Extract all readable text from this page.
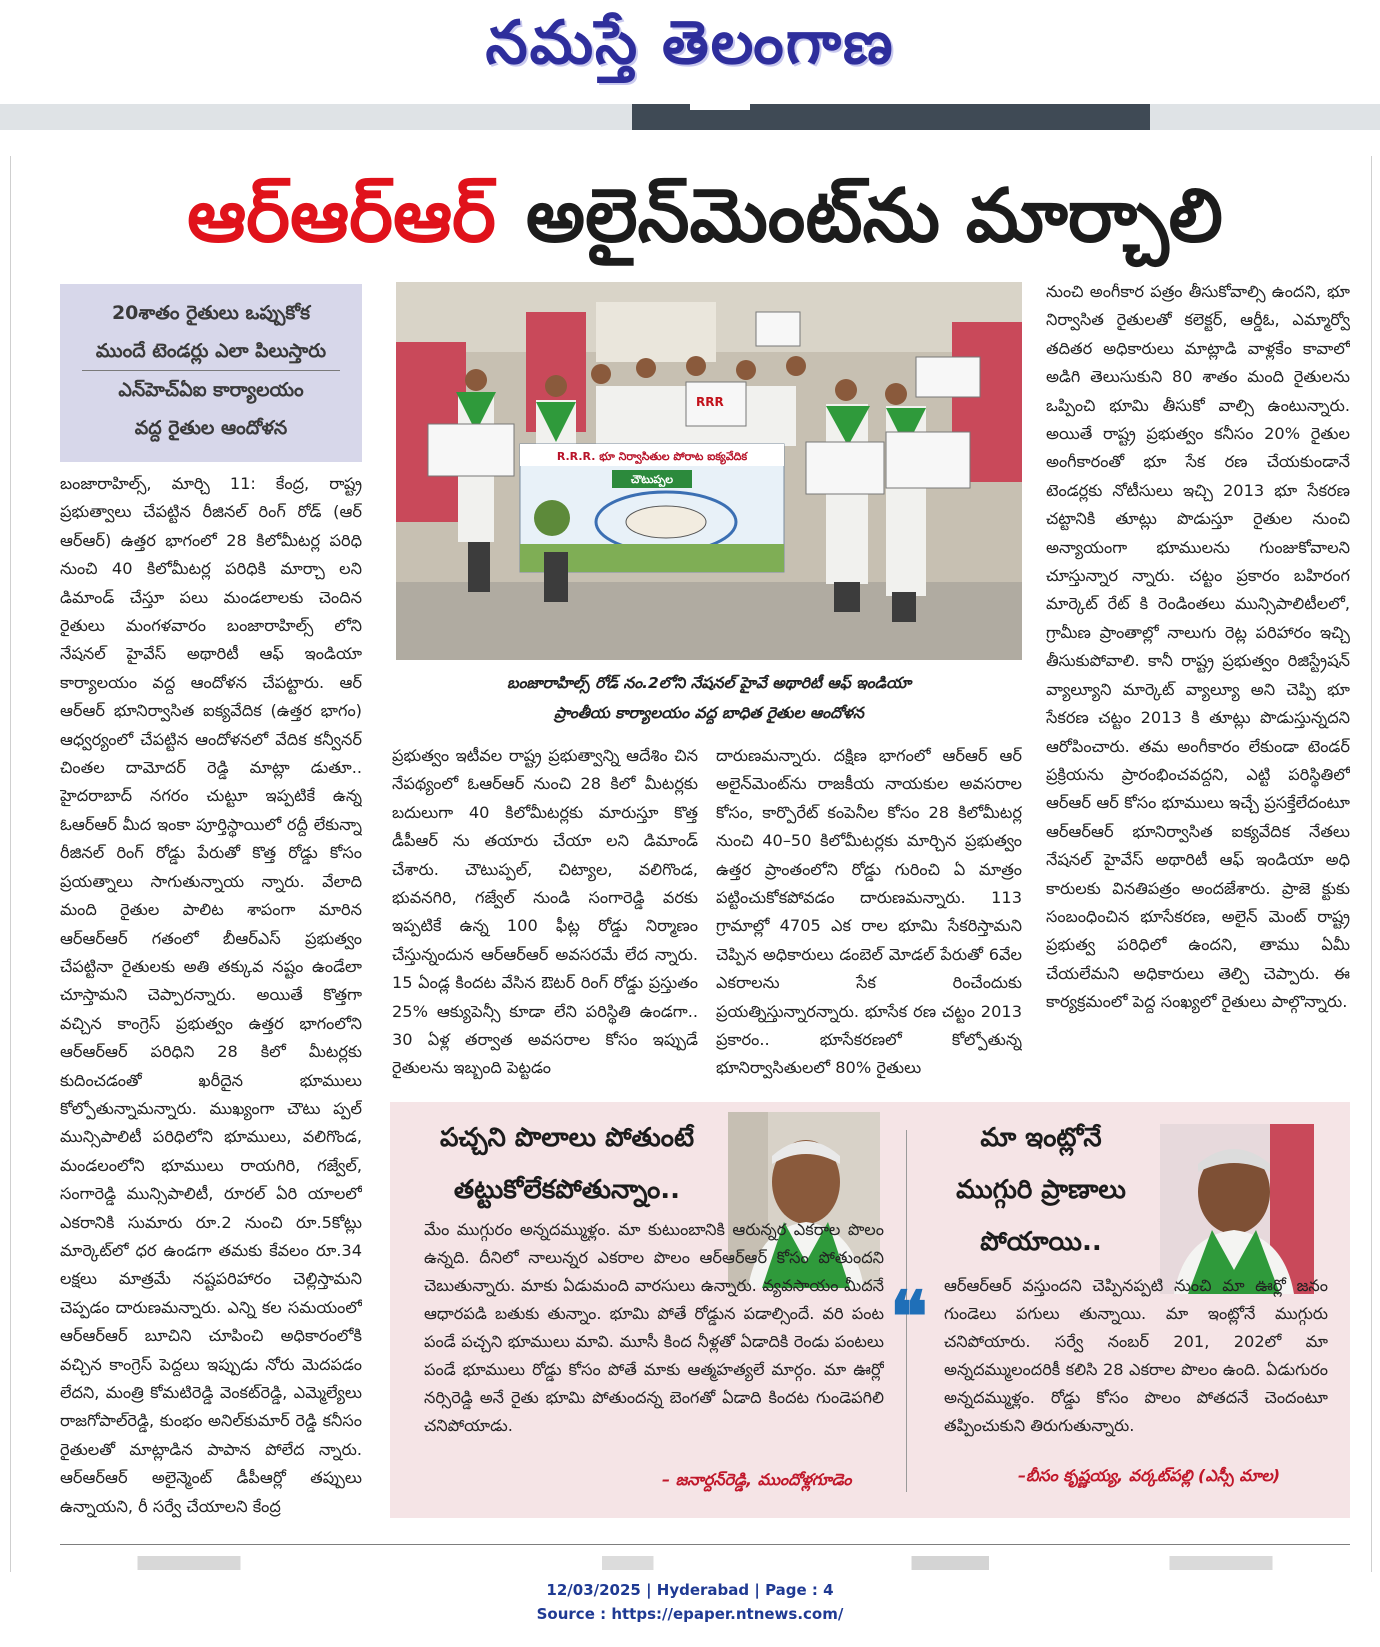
నమస్తే తెలంగాణ
ఆర్‌ఆర్‌ఆర్ అలైన్‌మెంట్‌ను మార్చాలి

20శాతం రైతులు ఒప్పుకోక

ముందే టెండర్లు ఎలా పిలుస్తారు

ఎన్‌హెచ్‌ఏఐ కార్యాలయం

వద్ద రైతుల ఆందోళన

బంజారాహిల్స్‌, మార్చి 11: కేంద్ర, రాష్ట్ర ప్రభుత్వాలు చేపట్టిన రీజినల్‌ రింగ్‌ రోడ్‌ (ఆర్‌ ఆర్‌ఆర్‌) ఉత్తర భాగంలో 28 కిలోమీటర్ల పరిధి నుంచి 40 కిలోమీటర్ల పరిధికి మార్చా లని డిమాండ్‌ చేస్తూ పలు మండలాలకు చెందిన రైతులు మంగళవారం బంజారాహిల్స్‌ లోని నేషనల్‌ హైవేస్‌ అథారిటీ ఆఫ్‌ ఇండియా కార్యాలయం వద్ద ఆందోళన చేపట్టారు. ఆర్‌ ఆర్‌ఆర్‌ భూనిర్వాసిత ఐక్యవేదిక (ఉత్తర భాగం) ఆధ్వర్యంలో చేపట్టిన ఆందోళనలో వేదిక కన్వీనర్‌ చింతల దామోదర్‌ రెడ్డి మాట్లా డుతూ.. హైదరాబాద్‌ నగరం చుట్టూ ఇప్పటికే ఉన్న ఓఆర్‌ఆర్‌ మీద ఇంకా పూర్తిస్థాయిలో రద్దీ లేకున్నా రీజినల్‌ రింగ్‌ రోడ్డు పేరుతో కొత్త రోడ్డు కోసం ప్రయత్నాలు సాగుతున్నాయ న్నారు. వేలాది మంది రైతుల పాలిట శాపంగా మారిన ఆర్‌ఆర్‌ఆర్‌ గతంలో బీఆర్‌ఎస్‌ ప్రభుత్వం చేపట్టినా రైతులకు అతి తక్కువ నష్టం ఉండేలా చూస్తామని చెప్పారన్నారు. అయితే కొత్తగా వచ్చిన కాంగ్రెస్‌ ప్రభుత్వం ఉత్తర భాగంలోని ఆర్‌ఆర్‌ఆర్‌ పరిధిని 28 కిలో మీటర్లకు కుదించడంతో ఖరీదైన భూములు కోల్పోతున్నామన్నారు. ముఖ్యంగా చౌటు ప్పల్‌ మున్సిపాలిటీ పరిధిలోని భూములు, వలిగొండ, మండలంలోని భూములు రాయగిరి, గజ్వేల్‌, సంగారెడ్డి మున్సిపాలిటీ, రూరల్‌ ఏరి యాలలో ఎకరానికి సుమారు రూ.2 నుంచి రూ.5కోట్లు మార్కెట్‌లో ధర ఉండగా తమకు కేవలం రూ.34 లక్షలు మాత్రమే నష్టపరిహారం చెల్లిస్తామని చెప్పడం దారుణమన్నారు. ఎన్ని కల సమయంలో ఆర్‌ఆర్‌ఆర్‌ బూచిని చూపించి అధికారంలోకి వచ్చిన కాంగ్రెస్‌ పెద్దలు ఇప్పుడు నోరు మెదపడం లేదని, మంత్రి కోమటిరెడ్డి వెంకట్‌రెడ్డి, ఎమ్మెల్యేలు రాజగోపాల్‌రెడ్డి, కుంభం అనిల్‌కుమార్‌ రెడ్డి కనీసం రైతులతో మాట్లాడిన పాపాన పోలేద న్నారు. ఆర్‌ఆర్‌ఆర్‌ అలైన్మెంట్‌ డీపీఆర్లో తప్పులు ఉన్నాయని, రీ సర్వే చేయాలని కేంద్ర
ప్రభుత్వం ఇటీవల రాష్ట్ర ప్రభుత్వాన్ని ఆదేశిం చిన నేపథ్యంలో ఓఆర్‌ఆర్‌ నుంచి 28 కిలో మీటర్లకు బదులుగా 40 కిలోమీటర్లకు మారుస్తూ కొత్త డీపీఆర్‌ ను తయారు చేయా లని డిమాండ్‌ చేశారు. చౌటుప్పల్‌, చిట్యాల, వలిగొండ, భువనగిరి, గజ్వేల్‌ నుండి సంగారెడ్డి వరకు ఇప్పటికే ఉన్న 100 ఫీట్ల రోడ్డు నిర్మాణం చేస్తున్నందున ఆర్‌ఆర్‌ఆర్‌ అవసరమే లేద న్నారు. 15 ఏండ్ల కిందట వేసిన ఔటర్‌ రింగ్‌ రోడ్డు ప్రస్తుతం 25% ఆక్యుపెన్సీ కూడా లేని పరిస్థితి ఉండగా.. 30 ఏళ్ల తర్వాత అవసరాల కోసం ఇప్పుడే రైతులను ఇబ్బంది పెట్టడం
దారుణమన్నారు. దక్షిణ భాగంలో ఆర్‌ఆర్‌ ఆర్‌ అలైన్‌మెంట్‌ను రాజకీయ నాయకుల అవసరాల కోసం, కార్పొరేట్‌ కంపెనీల కోసం 28 కిలోమీటర్ల నుంచి 40–50 కిలోమీటర్లకు మార్చిన ప్రభుత్వం ఉత్తర ప్రాంతంలోని రోడ్డు గురించి ఏ మాత్రం పట్టించుకోకపోవడం దారుణమన్నారు. 113 గ్రామాల్లో 4705 ఎక రాల భూమి సేకరిస్తామని చెప్పిన అధికారులు డంబెల్‌ మోడల్‌ పేరుతో 6వేల ఎకరాలను సేక రించేందుకు ప్రయత్నిస్తున్నారన్నారు. భూసేక రణ చట్టం 2013 ప్రకారం.. భూసేకరణలో కోల్పోతున్న భూనిర్వాసితులలో 80% రైతులు
నుంచి అంగీకార పత్రం తీసుకోవాల్సి ఉందని, భూ నిర్వాసిత రైతులతో కలెక్టర్‌, ఆర్డీఓ, ఎమ్మార్వో తదితర అధికారులు మాట్లాడి వాళ్లకేం కావాలో అడిగి తెలుసుకుని 80 శాతం మంది రైతులను ఒప్పించి భూమి తీసుకో వాల్సి ఉంటున్నారు. అయితే రాష్ట్ర ప్రభుత్వం కనీసం 20% రైతుల అంగీకారంతో భూ సేక రణ చేయకుండానే టెండర్లకు నోటీసులు ఇచ్చి 2013 భూ సేకరణ చట్టానికి తూట్లు పొడుస్తూ రైతుల నుంచి అన్యాయంగా భూములను గుంజుకోవాలని చూస్తున్నార న్నారు. చట్టం ప్రకారం బహిరంగ మార్కెట్‌ రేట్‌ కి రెండింతలు మున్సిపాలిటీలలో, గ్రామీణ ప్రాంతాల్లో నాలుగు రెట్ల పరిహారం ఇచ్చి తీసుకుపోవాలి. కానీ రాష్ట్ర ప్రభుత్వం రిజిస్ట్రేషన్‌ వ్యాల్యూని మార్కెట్‌ వ్యాల్యూ అని చెప్పి భూ సేకరణ చట్టం 2013 కి తూట్లు పొడుస్తున్నదని ఆరోపించారు. తమ అంగీకారం లేకుండా టెండర్‌ ప్రక్రియను ప్రారంభించవద్దని, ఎట్టి పరిస్థితిలో ఆర్‌ఆర్‌ ఆర్‌ కోసం భూములు ఇచ్చే ప్రసక్తేలేదంటూ ఆర్‌ఆర్‌ఆర్‌ భూనిర్వాసిత ఐక్యవేదిక నేతలు నేషనల్‌ హైవేస్‌ అథారిటీ ఆఫ్‌ ఇండియా అధి కారులకు వినతిపత్రం అందజేశారు. ప్రాజె క్టుకు సంబంధించిన భూసేకరణ, అలైన్‌ మెంట్‌ రాష్ట్ర ప్రభుత్వ పరిధిలో ఉందని, తాము ఏమీ చేయలేమని అధికారులు తెల్పి చెప్పారు. ఈ కార్యక్రమంలో పెద్ద సంఖ్యలో రైతులు పాల్గొన్నారు.
RRR
R.R.R. భూ నిర్వాసితుల పోరాట ఐక్యవేదిక
చౌటుప్పల
బంజారాహిల్స్‌ రోడ్‌ నం.2లోని నేషనల్‌ హైవే అథారిటీ ఆఫ్‌ ఇండియా
ప్రాంతీయ కార్యాలయం వద్ద బాధిత రైతుల ఆందోళన
పచ్చని పొలాలు పోతుంటే
తట్టుకోలేకపోతున్నాం..
మేం ముగ్గురం అన్నదమ్ముళ్లం. మా కుటుంబానికి ఆరున్నర ఎకరాల పొలం ఉన్నది. దీనిలో నాలున్నర ఎకరాల పొలం ఆర్‌ఆర్‌ఆర్‌ కోసం పోతుందని చెబుతున్నారు. మాకు ఏడుమంది వారసులు ఉన్నారు. వ్యవసాయం మీదనే ఆధారపడి బతుకు తున్నాం. భూమి పోతే రోడ్డున పడాల్సిందే. వరి పంట పండే పచ్చని భూములు మావి. మూసీ కింద నీళ్లతో ఏడాదికి రెండు పంటలు పండే భూములు రోడ్డు కోసం పోతే మాకు ఆత్మహత్యలే మార్గం. మా ఊర్లో నర్సిరెడ్డి అనే రైతు భూమి పోతుందన్న బెంగతో ఏడాది కిందట గుండెపగిలి చనిపోయాడు.
– జనార్దన్‌రెడ్డి, ముందోళ్లగూడెం
మా ఇంట్లోనే
ముగ్గురి ప్రాణాలు
పోయాయి..
❝ ఆర్‌ఆర్‌ఆర్‌ వస్తుందని చెప్పినప్పటి నుంచి మా ఊర్లో జనం గుండెలు పగులు తున్నాయి. మా ఇంట్లోనే ముగ్గురు చనిపోయారు. సర్వే నంబర్‌ 201, 202లో మా అన్నదమ్ములందరికీ కలిసి 28 ఎకరాల పొలం ఉంది. ఏడుగురం అన్నదమ్ముళ్లం. రోడ్డు కోసం పొలం పోతదనే చెందంటూ తప్పించుకుని తిరుగుతున్నారు.
–బీసం కృష్ణయ్య, వర్కట్‌పల్లి (ఎస్సీ మాల)
12/03/2025 | Hyderabad | Page : 4
Source : https://epaper.ntnews.com/
